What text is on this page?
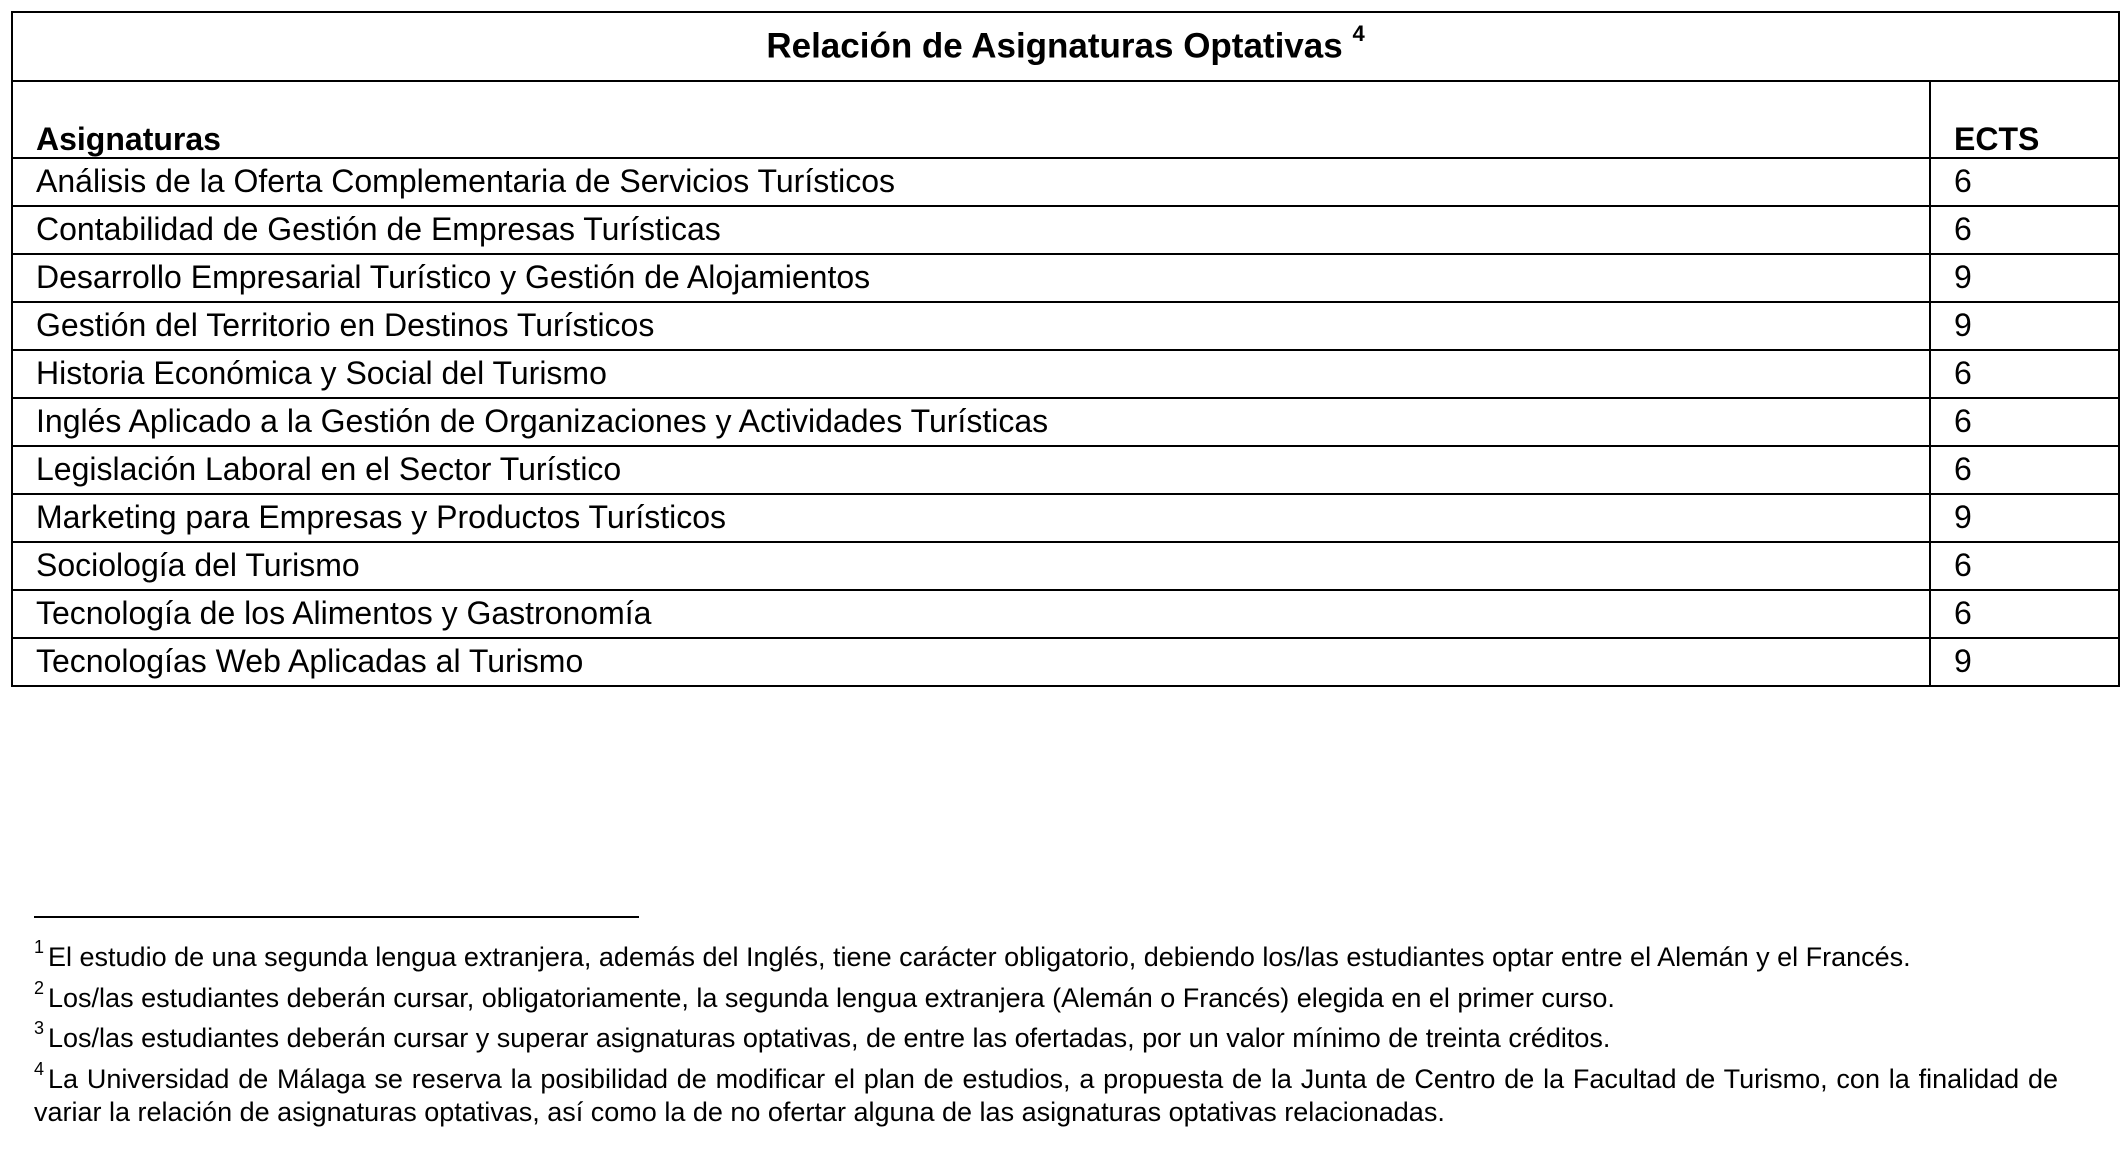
Relación de Asignaturas Optativas $^4$
Asignaturas	ECTS
Análisis de la Oferta Complementaria de Servicios Turísticos	6
Contabilidad de Gestión de Empresas Turísticas	6
Desarrollo Empresarial Turístico y Gestión de Alojamientos	9
Gestión del Territorio en Destinos Turísticos	9
Historia Económica y Social del Turismo	6
Inglés Aplicado a la Gestión de Organizaciones y Actividades Turísticas	6
Legislación Laboral en el Sector Turístico	6
Marketing para Empresas y Productos Turísticos	9
Sociología del Turismo	6
Tecnología de los Alimentos y Gastronomía	6
Tecnologías Web Aplicadas al Turismo	9

$^1$ El estudio de una segunda lengua extranjera, además del Inglés, tiene carácter obligatorio, debiendo los/las estudiantes optar entre el Alemán y el Francés.

$^2$ Los/las estudiantes deberán cursar, obligatoriamente, la segunda lengua extranjera (Alemán o Francés) elegida en el primer curso.

$^3$ Los/las estudiantes deberán cursar y superar asignaturas optativas, de entre las ofertadas, por un valor mínimo de treinta créditos.

$^4$ La Universidad de Málaga se reserva la posibilidad de modificar el plan de estudios, a propuesta de la Junta de Centro de la Facultad de Turismo, con la finalidad de variar la relación de asignaturas optativas, así como la de no ofertar alguna de las asignaturas optativas relacionadas.
